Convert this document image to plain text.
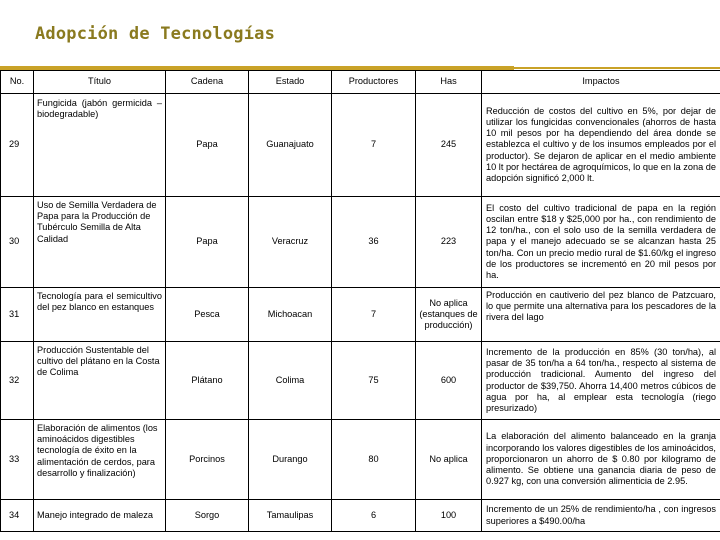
Adopción de Tecnologías
No.	Título	Cadena	Estado	Productores	Has	Impactos
29	Fungicida (jabón germicida –biodegradable)	Papa	Guanajuato	7	245	Reducción de costos del cultivo en 5%, por dejar de utilizar los fungicidas convencionales (ahorros de hasta 10 mil pesos por ha dependiendo del área donde se establezca el cultivo y de los insumos empleados por el productor). Se dejaron de aplicar en el medio ambiente 10 lt por hectárea de agroquímicos, lo que en la zona de adopción significó 2,000 lt.
30	Uso de Semilla Verdadera de Papa para la Producción de Tubérculo Semilla de Alta Calidad	Papa	Veracruz	36	223	El costo del cultivo tradicional de papa en la región oscilan entre $18 y $25,000 por ha., con rendimiento de 12 ton/ha., con el solo uso de la semilla verdadera de papa y el manejo adecuado se se alcanzan hasta 25 ton/ha. Con un precio medio rural de $1.60/kg el ingreso de los productores se incrementó en 20 mil pesos por ha.
31	Tecnología para el semicultivo del pez blanco en estanques	Pesca	Michoacan	7	No aplica (estanques de producción)	Producción en cautiverio del pez blanco de Patzcuaro, lo que permite una alternativa para los pescadores de la rivera del lago
32	Producción Sustentable del cultivo del plátano en la Costa de Colima	Plátano	Colima	75	600	Incremento de la producción en 85% (30 ton/ha), al pasar de 35 ton/ha a 64 ton/ha., respecto al sistema de producción tradicional. Aumento del ingreso del productor de $39,750. Ahorra 14,400 metros cúbicos de agua por ha, al emplear esta tecnología (riego presurizado)
33	Elaboración de alimentos (los aminoácidos digestibles tecnología de éxito en la alimentación de cerdos, para desarrollo y finalización)	Porcinos	Durango	80	No aplica	La elaboración del alimento balanceado en la granja incorporando los valores digestibles de los aminoácidos, proporcionaron un ahorro de $ 0.80 por kilogramo de alimento. Se obtiene una ganancia diaria de peso de 0.927 kg, con una conversión alimenticia de 2.95.
34	Manejo integrado de maleza	Sorgo	Tamaulipas	6	100	Incremento de un 25% de rendimiento/ha , con ingresos superiores a $490.00/ha
